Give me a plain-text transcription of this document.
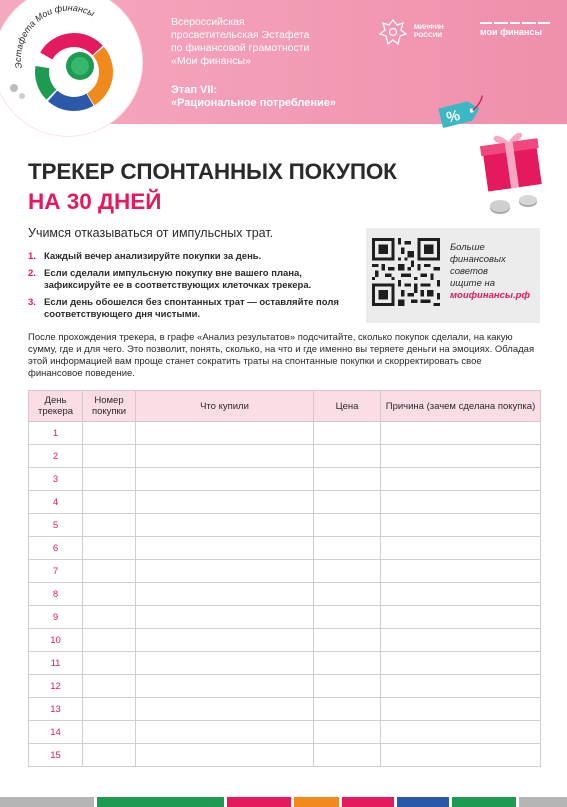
Эстафета Мои финансы
Всероссийская
просветительская Эстафета
по финансовой грамотности
«Мои финансы»
Этап VII:
«Рациональное потребление»
МИНФИН
РОССИИ	мои финансы
%
ТРЕКЕР СПОНТАННЫХ ПОКУПОК
НА 30 ДНЕЙ
Учимся отказываться от импульсных трат.
1. Каждый вечер анализируйте покупки за день.
2. Если сделали импульсную покупку вне вашего плана, зафиксируйте ее в соответствующих клеточках трекера.
3. Если день обошелся без спонтанных трат — оставляйте поля соответствующего дня чистыми.
Больше
финансовых
советов
ищите на
моифинансы.рф
После прохождения трекера, в графе «Анализ результатов» подсчитайте, сколько покупок сделали, на какую сумму, где и для чего. Это позволит, понять, сколько, на что и где именно вы теряете деньги на эмоциях. Обладая этой информацией вам проще станет сократить траты на спонтанные покупки и скорректировать свое финансовое поведение.
День трекера	Номер покупки	Что купили	Цена	Причина (зачем сделана покупка)
1				
2				
3				
4				
5				
6				
7				
8				
9				
10				
11				
12				
13				
14				
15				
